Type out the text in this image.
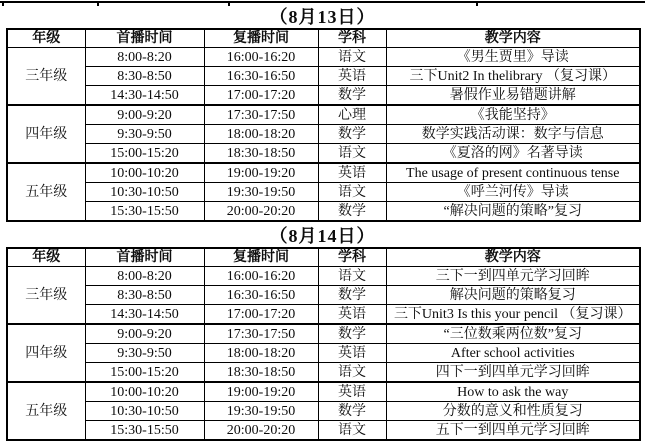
（8月13日）
年级	首播时间	复播时间	学科	教学内容
三年级	8:00-8:20	16:00-16:20	语文	《男生贾里》导读
	8:30-8:50	16:30-16:50	英语	三下Unit2 In thelibrary （复习课）
	14:30-14:50	17:00-17:20	数学	暑假作业易错题讲解
四年级	9:00-9:20	17:30-17:50	心理	《我能坚持》
	9:30-9:50	18:00-18:20	数学	数学实践活动课：数字与信息
	15:00-15:20	18:30-18:50	语文	《夏洛的网》名著导读
五年级	10:00-10:20	19:00-19:20	英语	The usage of present continuous tense
	10:30-10:50	19:30-19:50	语文	《呼兰河传》导读
	15:30-15:50	20:00-20:20	数学	“解决问题的策略”复习
（8月14日）
年级	首播时间	复播时间	学科	教学内容
三年级	8:00-8:20	16:00-16:20	语文	三下一到四单元学习回眸
	8:30-8:50	16:30-16:50	数学	解决问题的策略复习
	14:30-14:50	17:00-17:20	英语	三下Unit3 Is this your pencil （复习课）
四年级	9:00-9:20	17:30-17:50	数学	“三位数乘两位数”复习
	9:30-9:50	18:00-18:20	英语	After school activities
	15:00-15:20	18:30-18:50	语文	四下一到四单元学习回眸
五年级	10:00-10:20	19:00-19:20	英语	How to ask the way
	10:30-10:50	19:30-19:50	数学	分数的意义和性质复习
	15:30-15:50	20:00-20:20	语文	五下一到四单元学习回眸
